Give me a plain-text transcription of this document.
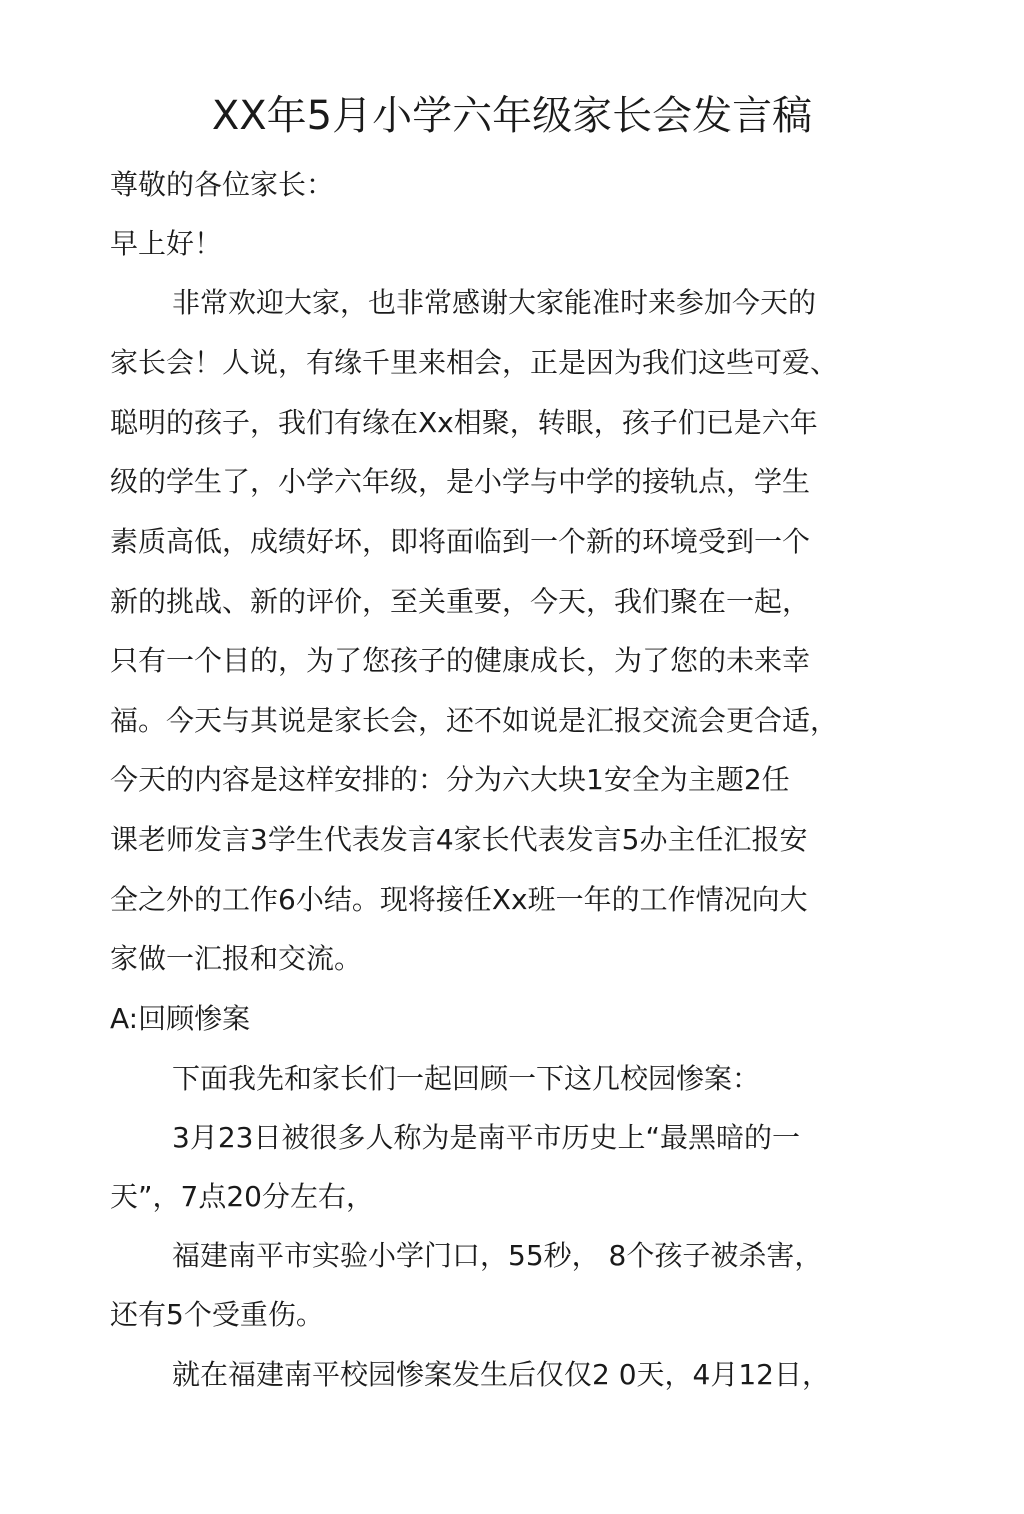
XX年5月小学六年级家长会发言稿
尊敬的各位家长：
早上好！
非常欢迎大家，也非常感谢大家能准时来参加今天的
家长会！人说，有缘千里来相会，正是因为我们这些可爱、
聪明的孩子，我们有缘在Xx相聚，转眼，孩子们已是六年
级的学生了，小学六年级，是小学与中学的接轨点，学生
素质高低，成绩好坏，即将面临到一个新的环境受到一个
新的挑战、新的评价，至关重要，今天，我们聚在一起，
只有一个目的，为了您孩子的健康成长，为了您的未来幸
福。今天与其说是家长会，还不如说是汇报交流会更合适，
今天的内容是这样安排的：分为六大块1安全为主题2任
课老师发言3学生代表发言4家长代表发言5办主任汇报安
全之外的工作6小结。现将接任Xx班一年的工作情况向大
家做一汇报和交流。
A:回顾惨案
下面我先和家长们一起回顾一下这几校园惨案：
3月23日被很多人称为是南平市历史上“最黑暗的一
天”，7点20分左右，
福建南平市实验小学门口，55秒， 8个孩子被杀害，
还有5个受重伤。
就在福建南平校园惨案发生后仅仅2 0天，4月12日，
